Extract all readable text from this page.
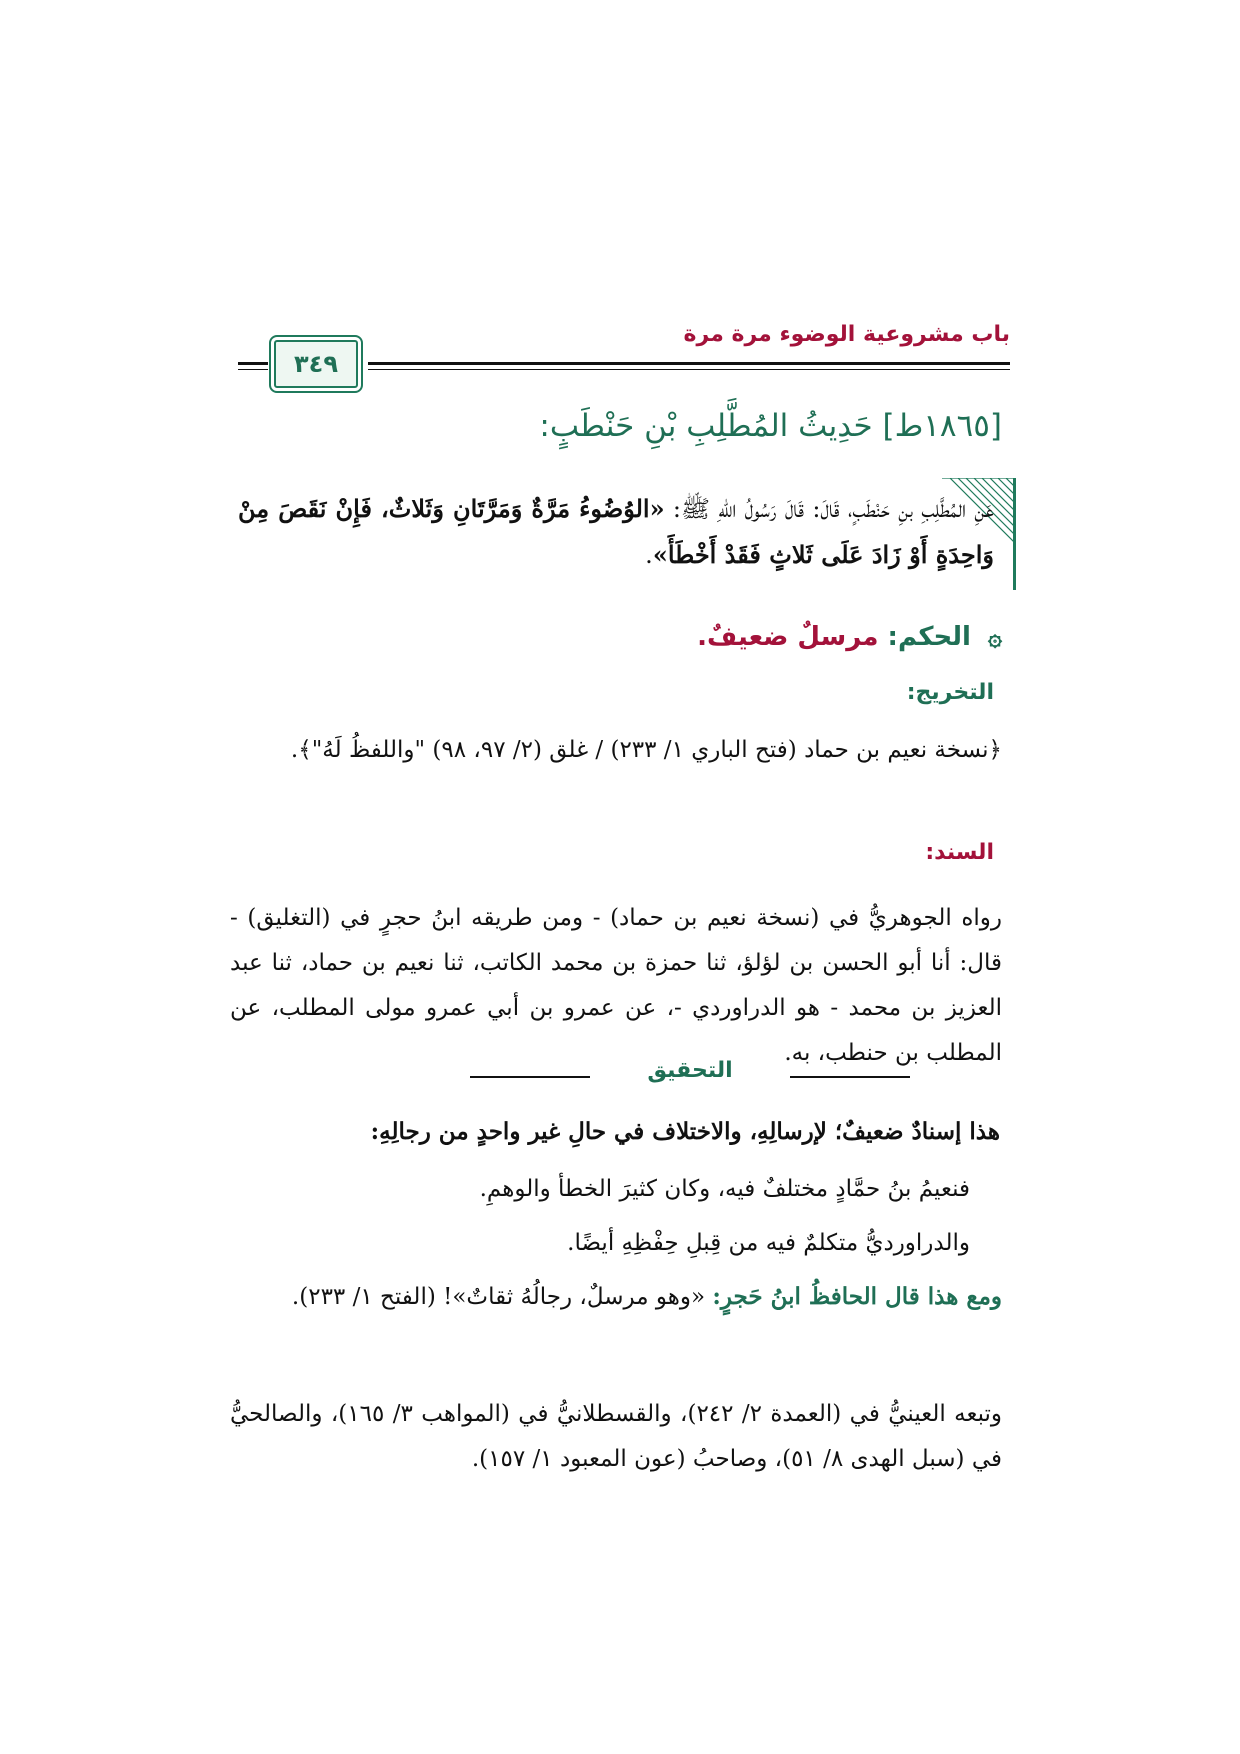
باب مشروعية الوضوء مرة مرة
٣٤٩
[١٨٦٥ط] حَدِيثُ المُطَّلِبِ بْنِ حَنْطَبٍ:
عَنِ المُطَّلِبِ بنِ حَنْطَبٍ، قَالَ: قَالَ رَسُولُ اللهِ ﷺ: «الوُضُوءُ مَرَّةٌ وَمَرَّتَانِ وَثَلاثٌ، فَإِنْ نَقَصَ مِنْ وَاحِدَةٍ أَوْ زَادَ عَلَى ثَلاثٍ فَقَدْ أَخْطَأَ».
۞ الحكم: مرسلٌ ضعيفٌ.
التخريج:
﴿نسخة نعيم بن حماد (فتح الباري ١/ ٢٣٣) / غلق (٢/ ٩٧، ٩٨) "واللفظُ لَهُ"﴾.
السند:
رواه الجوهريُّ في (نسخة نعيم بن حماد) - ومن طريقه ابنُ حجرٍ في (التغليق) - قال: أنا أبو الحسن بن لؤلؤ، ثنا حمزة بن محمد الكاتب، ثنا نعيم بن حماد، ثنا عبد العزيز بن محمد - هو الدراوردي -، عن عمرو بن أبي عمرو مولى المطلب، عن المطلب بن حنطب، به.
التحقيق
هذا إسنادٌ ضعيفٌ؛ لإرسالِهِ، والاختلاف في حالِ غير واحدٍ من رجالِهِ:
فنعيمُ بنُ حمَّادٍ مختلفٌ فيه، وكان كثيرَ الخطأ والوهمِ.
والدراورديُّ متكلمٌ فيه من قِبلِ حِفْظِهِ أيضًا.
ومع هذا قال الحافظُ ابنُ حَجرٍ: «وهو مرسلٌ، رجالُهُ ثقاتٌ»! (الفتح ١/ ٢٣٣).
وتبعه العينيُّ في (العمدة ٢/ ٢٤٢)، والقسطلانيُّ في (المواهب ٣/ ١٦٥)، والصالحيُّ في (سبل الهدى ٨/ ٥١)، وصاحبُ (عون المعبود ١/ ١٥٧).
